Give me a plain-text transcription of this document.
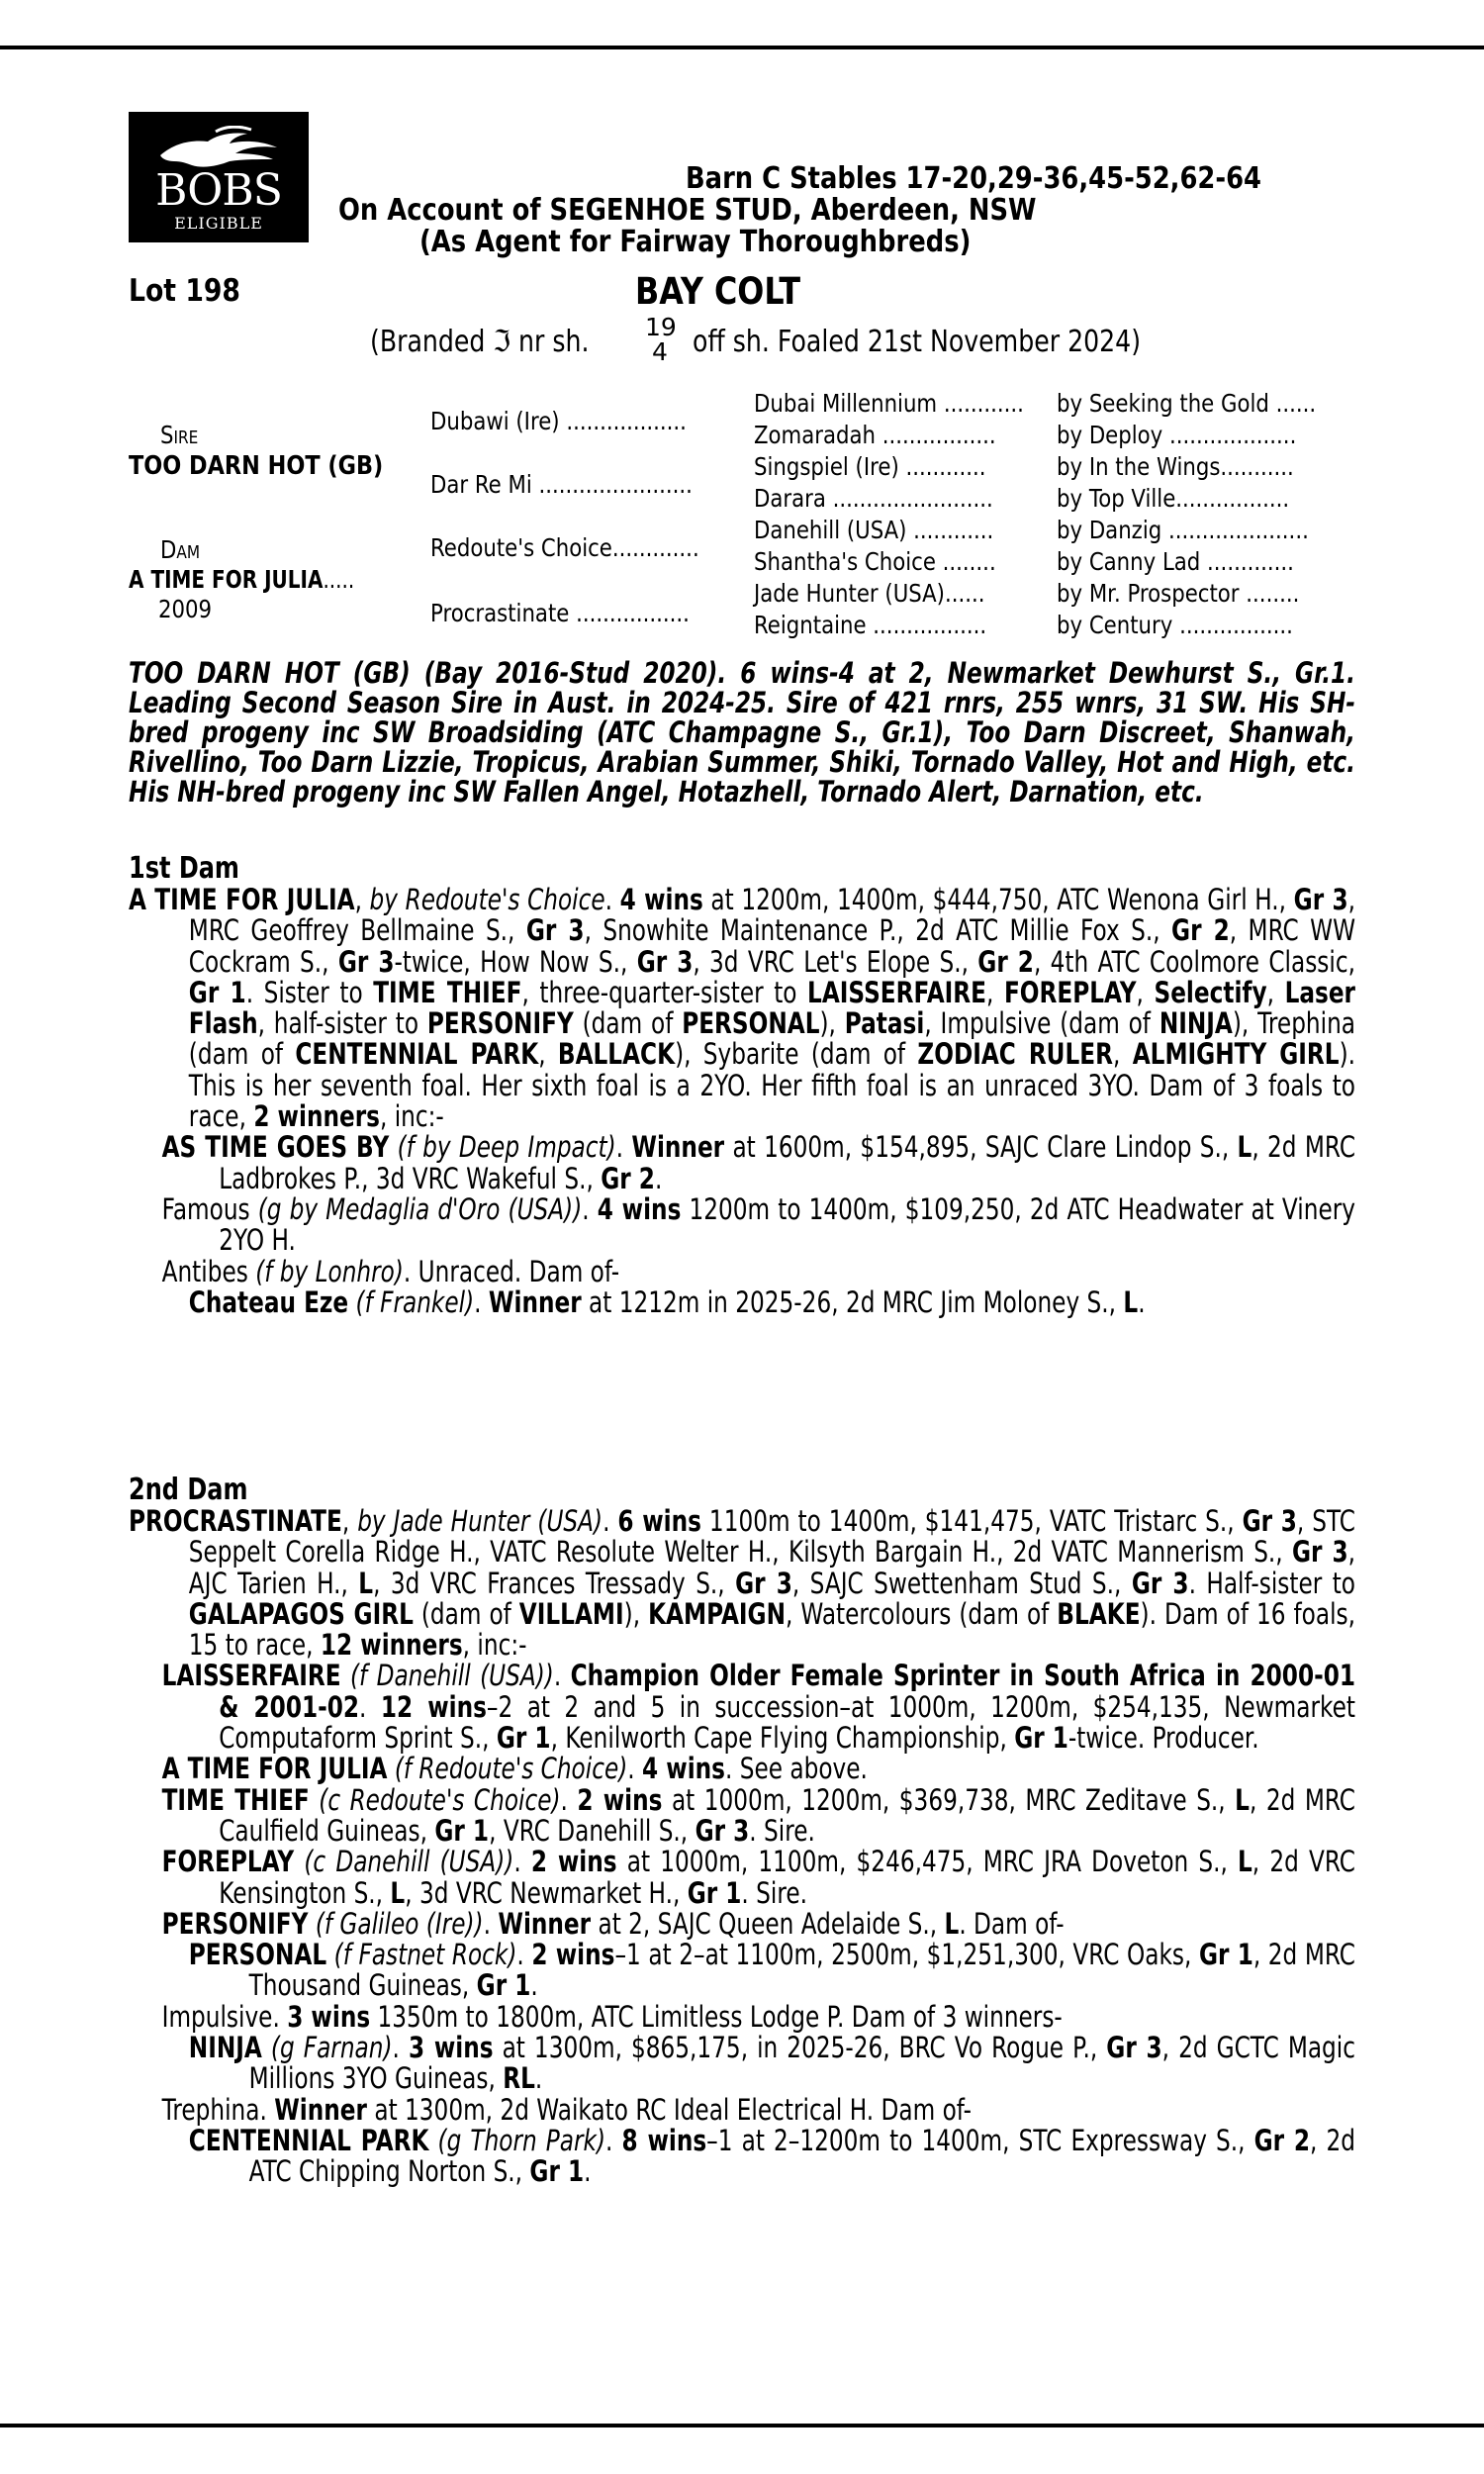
BOBS
ELIGIBLE
Barn C Stables 17-20,29-36,45-52,62-64
On Account of SEGENHOE STUD, Aberdeen, NSW
(As Agent for Fairway Thoroughbreds)
Lot 198	BAY COLT
(Branded ℑ nr sh.	19
4 off sh. Foaled 21st November 2024)
Sire
TOO DARN HOT (GB)
Dam
A TIME FOR JULIA.....
2009
Dubawi (Ire) ..................
Dar Re Mi .......................
Redoute's Choice.............
Procrastinate .................
Dubai Millennium ............
Zomaradah .................
Singspiel (Ire) ............
Darara ........................
Danehill (USA) ............
Shantha's Choice ........
Jade Hunter (USA)......
Reigntaine .................
by Seeking the Gold ......
by Deploy ...................
by In the Wings...........
by Top Ville.................
by Danzig .....................
by Canny Lad .............
by Mr. Prospector ........
by Century .................
TOO DARN HOT (GB) (Bay 2016-Stud 2020). 6 wins-4 at 2, Newmarket Dewhurst S., Gr.1. Leading Second Season Sire in Aust. in 2024-25. Sire of 421 rnrs, 255 wnrs, 31 SW. His SH-bred progeny inc SW Broadsiding (ATC Champagne S., Gr.1), Too Darn Discreet, Shanwah, Rivellino, Too Darn Lizzie, Tropicus, Arabian Summer, Shiki, Tornado Valley, Hot and High, etc. His NH-bred progeny inc SW Fallen Angel, Hotazhell, Tornado Alert, Darnation, etc.
1st Dam
A TIME FOR JULIA, by Redoute's Choice. 4 wins at 1200m, 1400m, $444,750, ATC Wenona Girl H., Gr 3, MRC Geoffrey Bellmaine S., Gr 3, Snowhite Maintenance P., 2d ATC Millie Fox S., Gr 2, MRC WW Cockram S., Gr 3-twice, How Now S., Gr 3, 3d VRC Let's Elope S., Gr 2, 4th ATC Coolmore Classic, Gr 1. Sister to TIME THIEF, three-quarter-sister to LAISSERFAIRE, FOREPLAY, Selectify, Laser Flash, half-sister to PERSONIFY (dam of PERSONAL), Patasi, Impulsive (dam of NINJA), Trephina (dam of CENTENNIAL PARK, BALLACK), Sybarite (dam of ZODIAC RULER, ALMIGHTY GIRL). This is her seventh foal. Her sixth foal is a 2YO. Her fifth foal is an unraced 3YO. Dam of 3 foals to race, 2 winners, inc:-
AS TIME GOES BY (f by Deep Impact). Winner at 1600m, $154,895, SAJC Clare Lindop S., L, 2d MRC Ladbrokes P., 3d VRC Wakeful S., Gr 2.
Famous (g by Medaglia d'Oro (USA)). 4 wins 1200m to 1400m, $109,250, 2d ATC Headwater at Vinery 2YO H.
Antibes (f by Lonhro). Unraced. Dam of-
Chateau Eze (f Frankel). Winner at 1212m in 2025-26, 2d MRC Jim Moloney S., L.
2nd Dam
PROCRASTINATE, by Jade Hunter (USA). 6 wins 1100m to 1400m, $141,475, VATC Tristarc S., Gr 3, STC Seppelt Corella Ridge H., VATC Resolute Welter H., Kilsyth Bargain H., 2d VATC Mannerism S., Gr 3, AJC Tarien H., L, 3d VRC Frances Tressady S., Gr 3, SAJC Swettenham Stud S., Gr 3. Half-sister to GALAPAGOS GIRL (dam of VILLAMI), KAMPAIGN, Watercolours (dam of BLAKE). Dam of 16 foals, 15 to race, 12 winners, inc:-
LAISSERFAIRE (f Danehill (USA)). Champion Older Female Sprinter in South Africa in 2000-01 & 2001-02. 12 wins–2 at 2 and 5 in succession–at 1000m, 1200m, $254,135, Newmarket Computaform Sprint S., Gr 1, Kenilworth Cape Flying Championship, Gr 1-twice. Producer.
A TIME FOR JULIA (f Redoute's Choice). 4 wins. See above.
TIME THIEF (c Redoute's Choice). 2 wins at 1000m, 1200m, $369,738, MRC Zeditave S., L, 2d MRC Caulfield Guineas, Gr 1, VRC Danehill S., Gr 3. Sire.
FOREPLAY (c Danehill (USA)). 2 wins at 1000m, 1100m, $246,475, MRC JRA Doveton S., L, 2d VRC Kensington S., L, 3d VRC Newmarket H., Gr 1. Sire.
PERSONIFY (f Galileo (Ire)). Winner at 2, SAJC Queen Adelaide S., L. Dam of-
PERSONAL (f Fastnet Rock). 2 wins–1 at 2–at 1100m, 2500m, $1,251,300, VRC Oaks, Gr 1, 2d MRC Thousand Guineas, Gr 1.
Impulsive. 3 wins 1350m to 1800m, ATC Limitless Lodge P. Dam of 3 winners-
NINJA (g Farnan). 3 wins at 1300m, $865,175, in 2025-26, BRC Vo Rogue P., Gr 3, 2d GCTC Magic Millions 3YO Guineas, RL.
Trephina. Winner at 1300m, 2d Waikato RC Ideal Electrical H. Dam of-
CENTENNIAL PARK (g Thorn Park). 8 wins–1 at 2–1200m to 1400m, STC Expressway S., Gr 2, 2d ATC Chipping Norton S., Gr 1.
